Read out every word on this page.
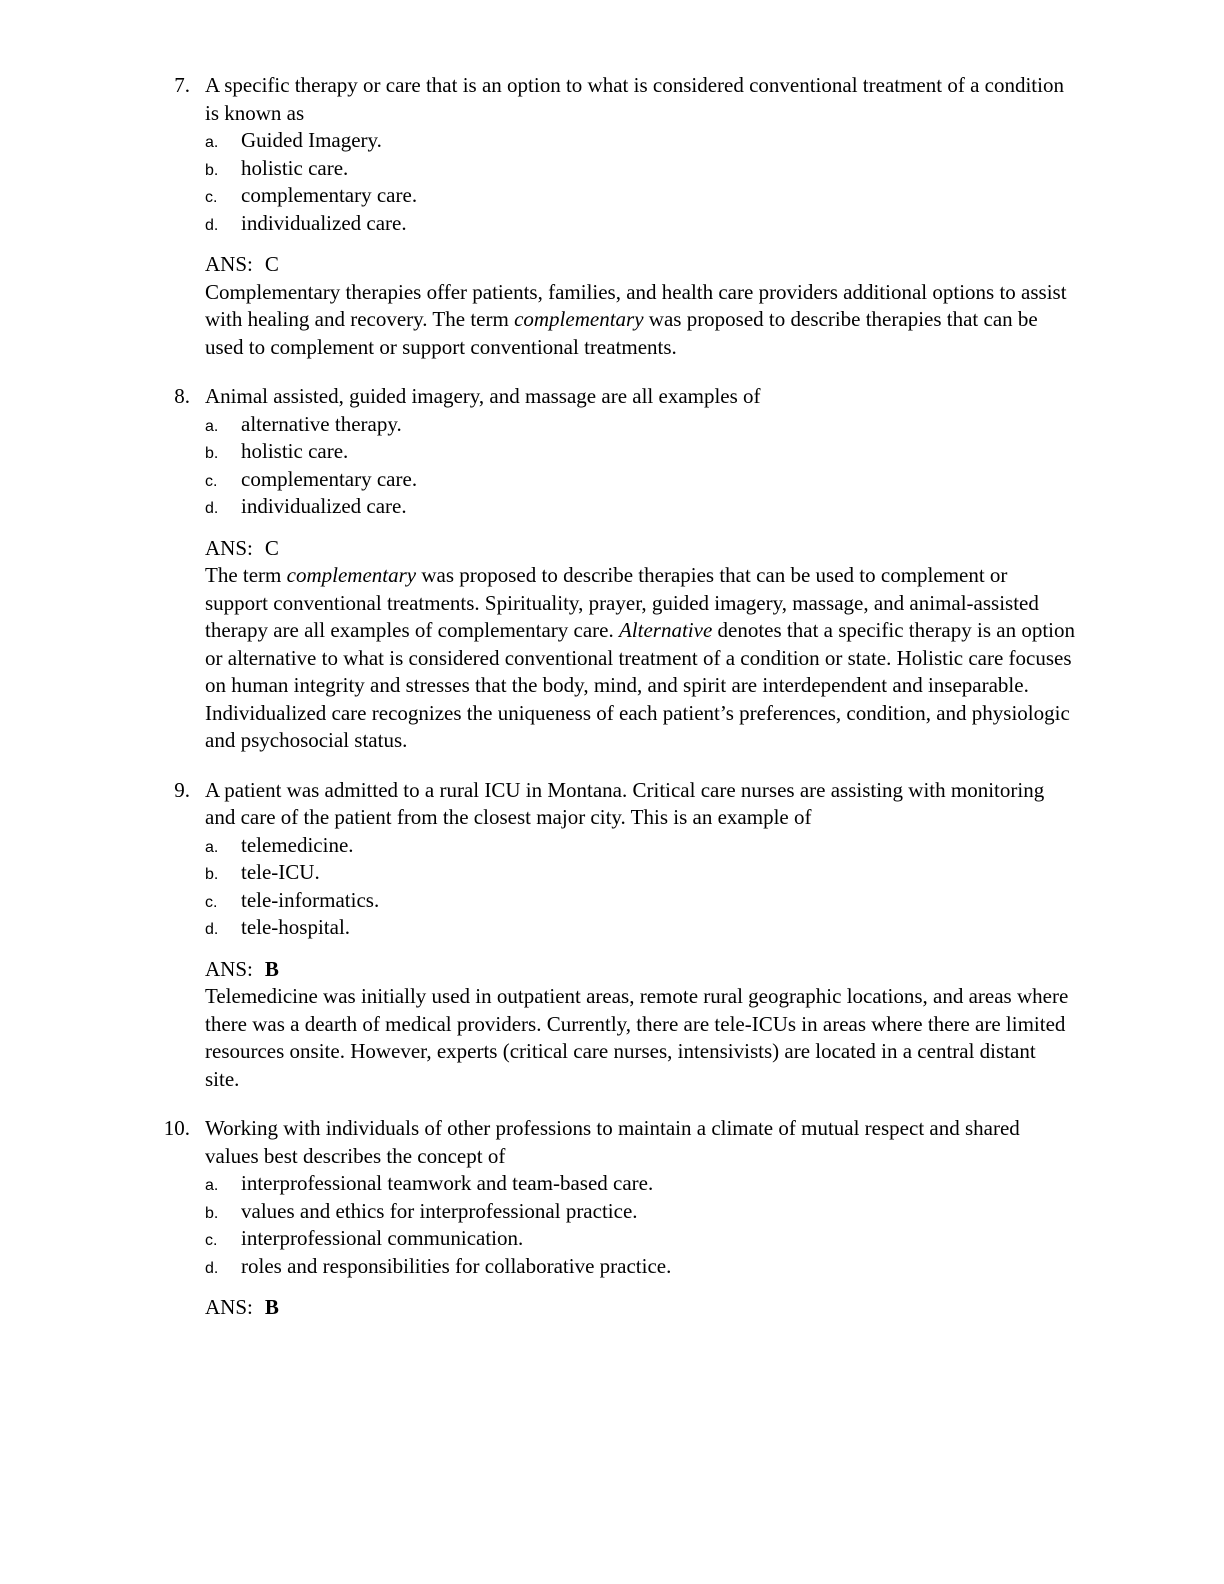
7. A specific therapy or care that is an option to what is considered conventional treatment of a condition is known as
a. Guided Imagery.
b. holistic care.
c. complementary care.
d. individualized care.
ANS: C
Complementary therapies offer patients, families, and health care providers additional options to assist with healing and recovery. The term complementary was proposed to describe therapies that can be used to complement or support conventional treatments.
8. Animal assisted, guided imagery, and massage are all examples of
a. alternative therapy.
b. holistic care.
c. complementary care.
d. individualized care.
ANS: C
The term complementary was proposed to describe therapies that can be used to complement or support conventional treatments. Spirituality, prayer, guided imagery, massage, and animal-assisted therapy are all examples of complementary care. Alternative denotes that a specific therapy is an option or alternative to what is considered conventional treatment of a condition or state. Holistic care focuses on human integrity and stresses that the body, mind, and spirit are interdependent and inseparable. Individualized care recognizes the uniqueness of each patient’s preferences, condition, and physiologic and psychosocial status.
9. A patient was admitted to a rural ICU in Montana. Critical care nurses are assisting with monitoring and care of the patient from the closest major city. This is an example of
a. telemedicine.
b. tele-ICU.
c. tele-informatics.
d. tele-hospital.
ANS: B
Telemedicine was initially used in outpatient areas, remote rural geographic locations, and areas where there was a dearth of medical providers. Currently, there are tele-ICUs in areas where there are limited resources onsite. However, experts (critical care nurses, intensivists) are located in a central distant site.
10. Working with individuals of other professions to maintain a climate of mutual respect and shared values best describes the concept of
a. interprofessional teamwork and team-based care.
b. values and ethics for interprofessional practice.
c. interprofessional communication.
d. roles and responsibilities for collaborative practice.
ANS: B
